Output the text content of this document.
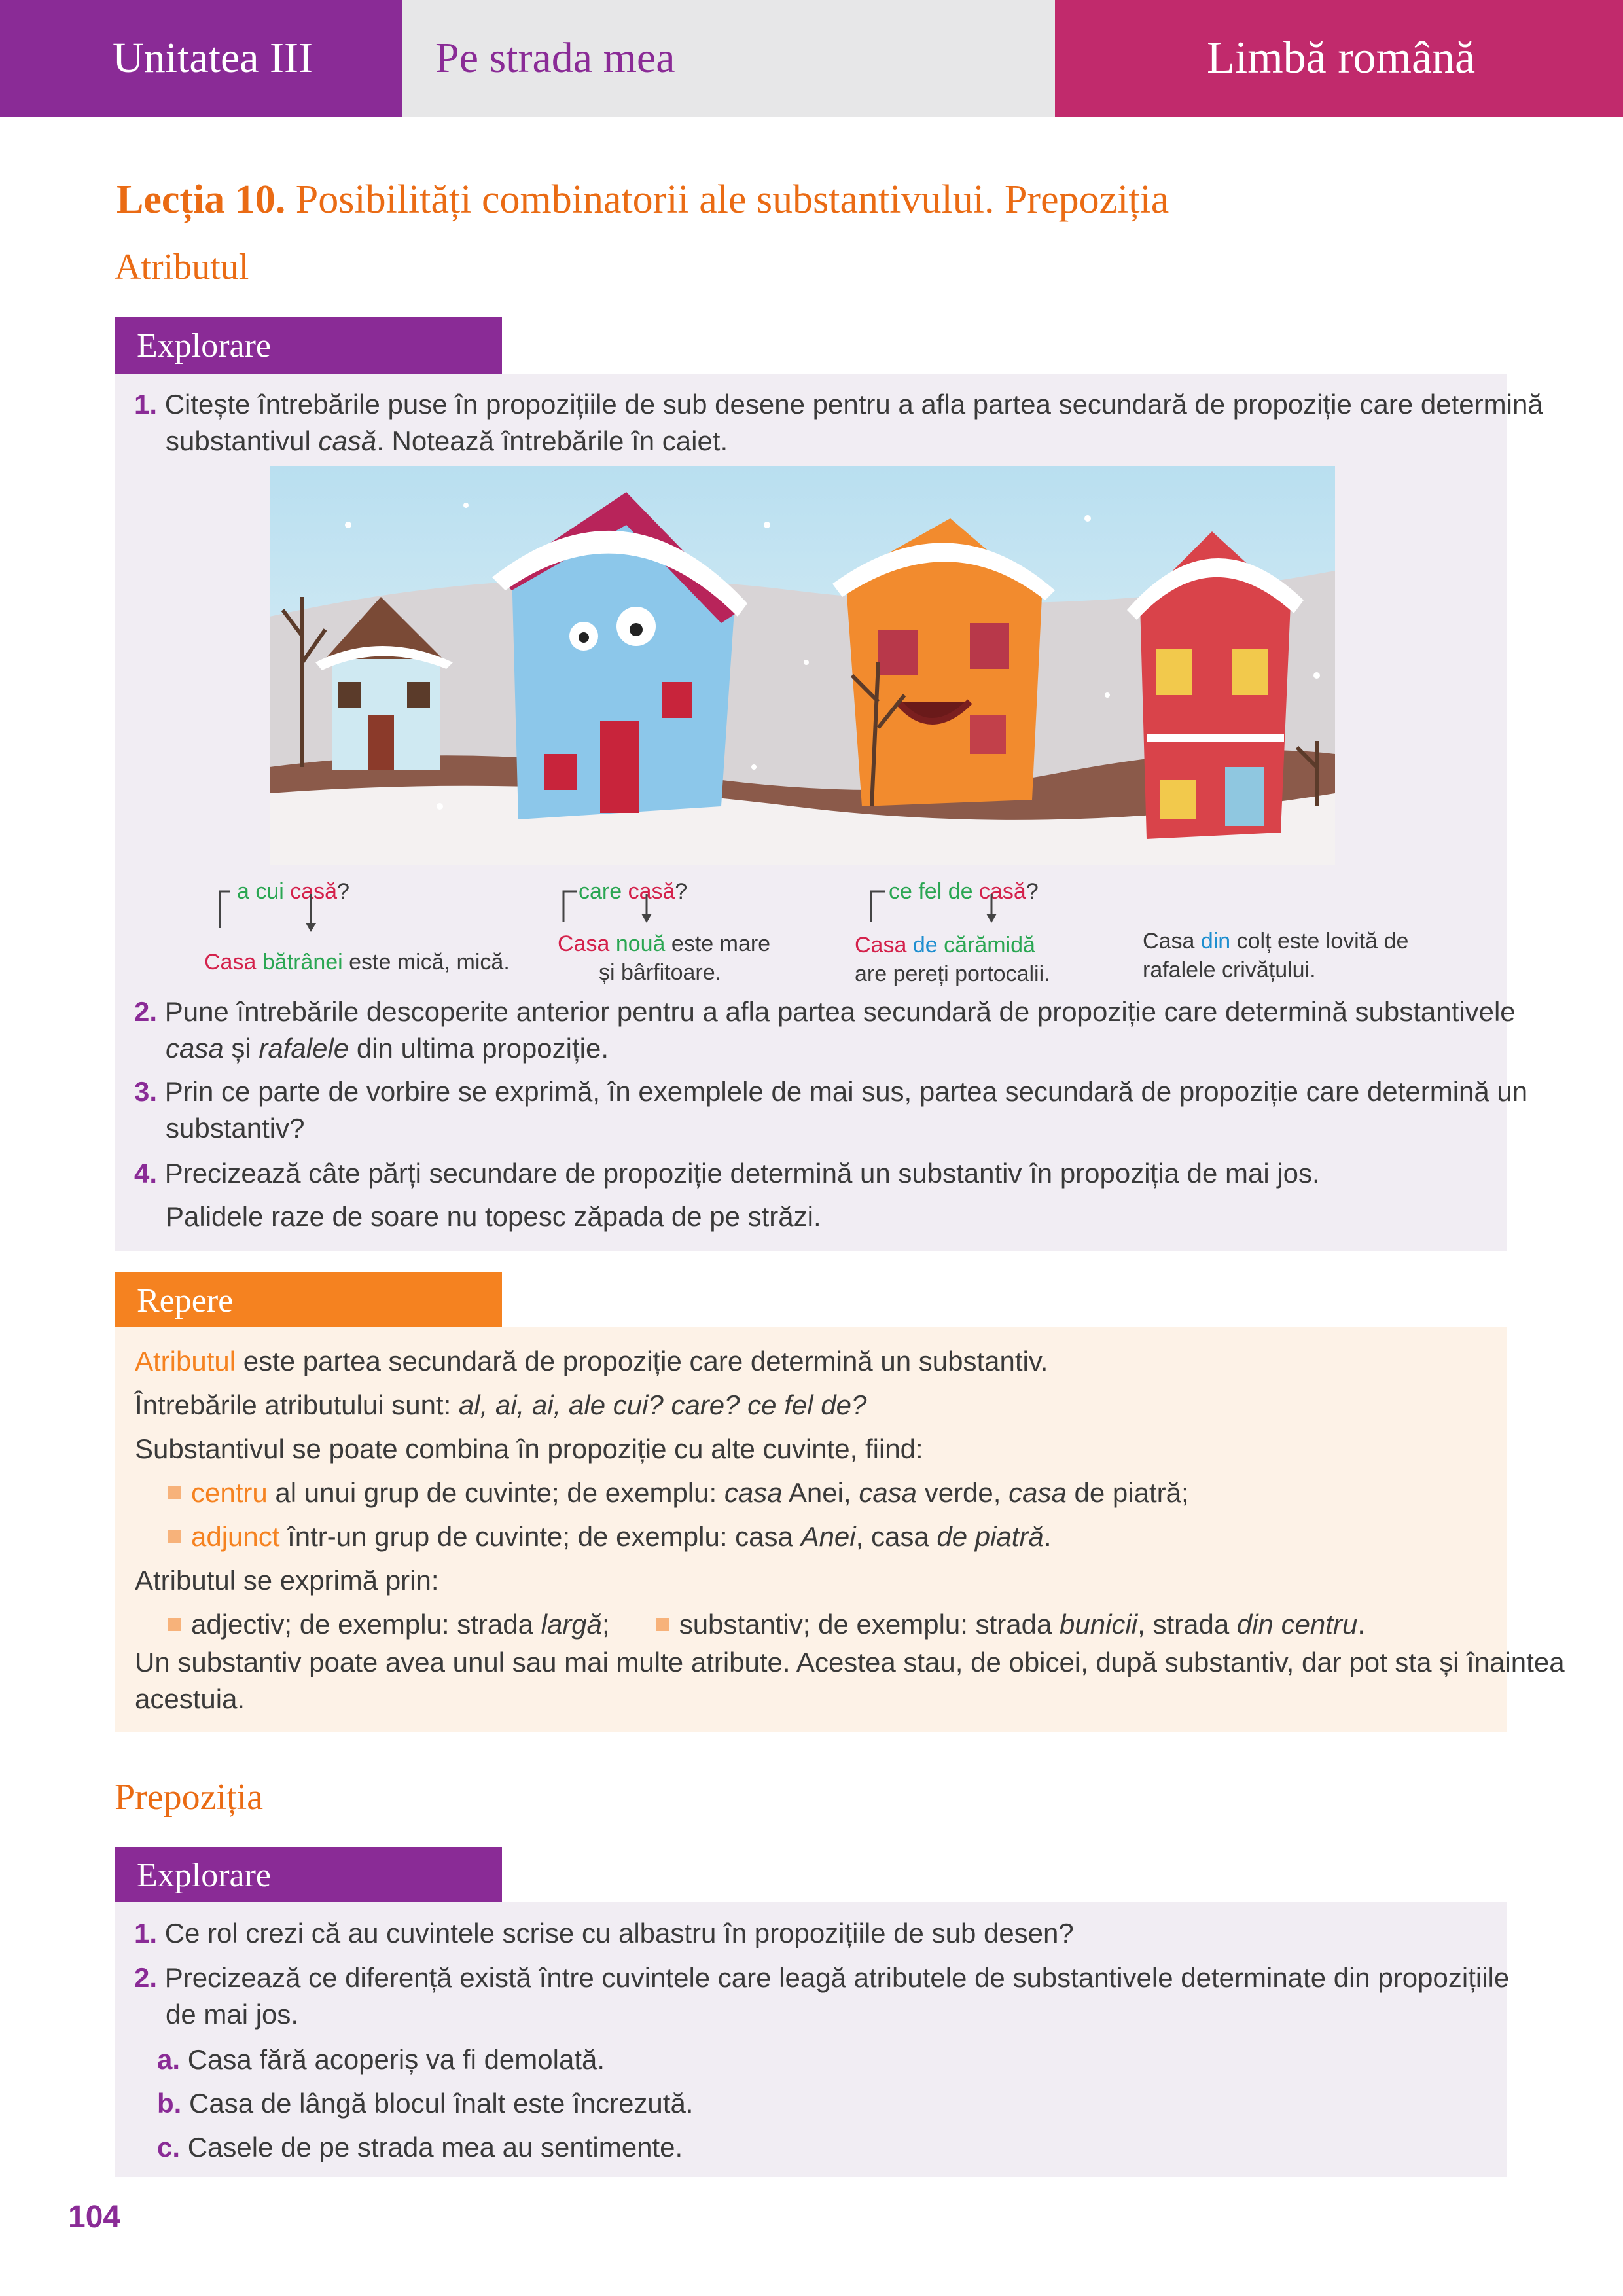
Unitatea III	Pe strada mea	Limbă română
Lecția 10. Posibilități combinatorii ale substantivului. Prepoziția
Atributul
Explorare
1. Citește întrebările puse în propozițiile de sub desene pentru a afla partea secundară de propoziție care determină

substantivul casă. Notează întrebările în caiet.
a cui casă?
Casa bătrânei este mică, mică.
care casă?
Casa nouă este mare
și bârfitoare.
ce fel de casă?
Casa de cărămidă
are pereți portocalii.
Casa din colț este lovită de
rafalele crivățului.
2. Pune întrebările descoperite anterior pentru a afla partea secundară de propoziție care determină substantivele

casa și rafalele din ultima propoziție.
3. Prin ce parte de vorbire se exprimă, în exemplele de mai sus, partea secundară de propoziție care determină un

substantiv?
4. Precizează câte părți secundare de propoziție determină un substantiv în propoziția de mai jos.

Palidele raze de soare nu topesc zăpada de pe străzi.
Repere
Atributul este partea secundară de propoziție care determină un substantiv.
Întrebările atributului sunt: al, ai, ai, ale cui? care? ce fel de?
Substantivul se poate combina în propoziție cu alte cuvinte, fiind:
centru al unui grup de cuvinte; de exemplu: casa Anei, casa verde, casa de piatră;
adjunct într-un grup de cuvinte; de exemplu: casa Anei, casa de piatră.
Atributul se exprimă prin:
adjectiv; de exemplu: strada largă;	substantiv; de exemplu: strada bunicii, strada din centru.
Un substantiv poate avea unul sau mai multe atribute. Acestea stau, de obicei, după substantiv, dar pot sta și înaintea
acestuia.
Prepoziția
Explorare
1. Ce rol crezi că au cuvintele scrise cu albastru în propozițiile de sub desen?
2. Precizează ce diferență există între cuvintele care leagă atributele de substantivele determinate din propozițiile

de mai jos.
a. Casa fără acoperiș va fi demolată.
b. Casa de lângă blocul înalt este încrezută.
c. Casele de pe strada mea au sentimente.
104
